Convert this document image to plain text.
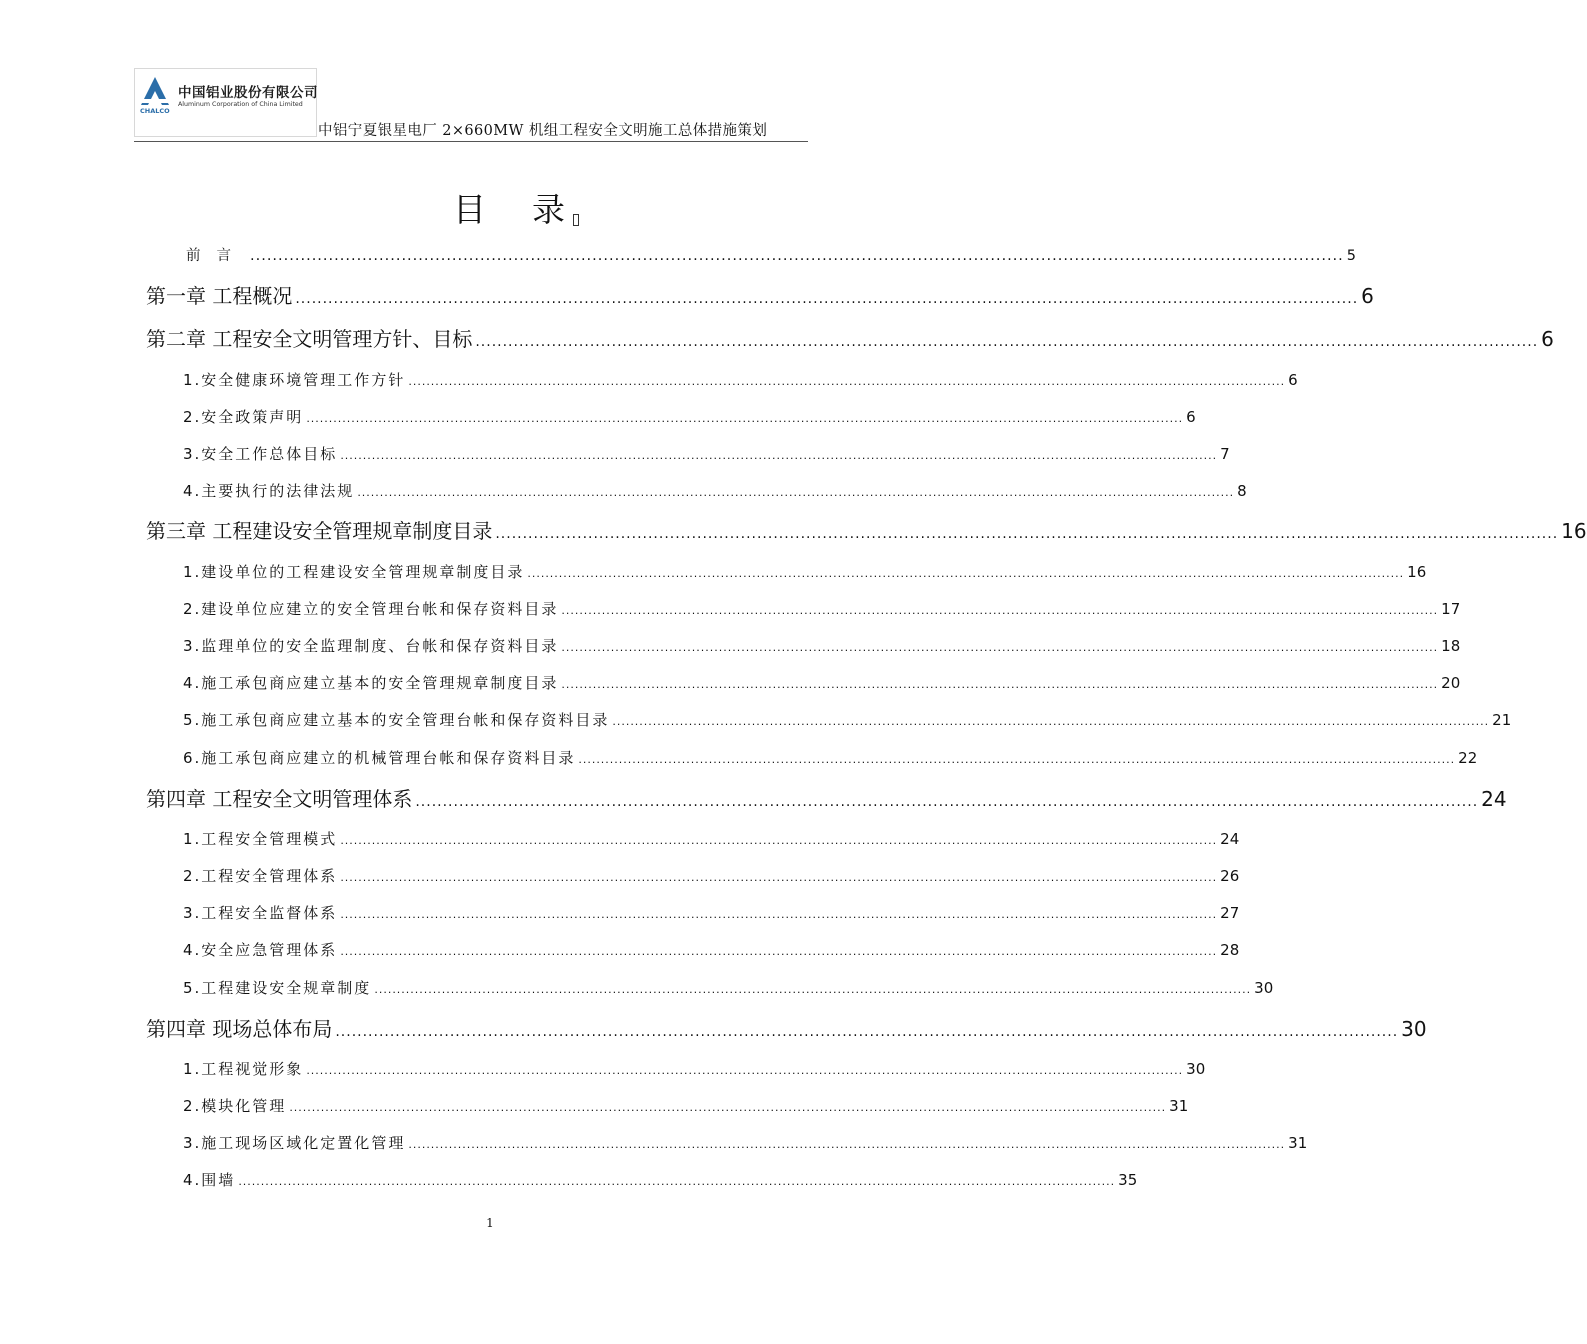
中国铝业股份有限公司
Aluminum Corporation of China Limited
CHALCO
中铝宁夏银星电厂 2×660MW 机组工程安全文明施工总体措施策划
目 录
前言 ................................................................................................................................................................................................... 5
第一章 工程概况 ................................................................................................................................................................................................... 6
第二章 工程安全文明管理方针、目标 ................................................................................................................................................................................................... 6
1.安全健康环境管理工作方针 ................................................................................................................................................................................................... 6
2.安全政策声明 ................................................................................................................................................................................................... 6
3.安全工作总体目标 ................................................................................................................................................................................................... 7
4.主要执行的法律法规 ................................................................................................................................................................................................... 8
第三章 工程建设安全管理规章制度目录 ................................................................................................................................................................................................... 16
1.建设单位的工程建设安全管理规章制度目录 ................................................................................................................................................................................................... 16
2.建设单位应建立的安全管理台帐和保存资料目录 ................................................................................................................................................................................................... 17
3.监理单位的安全监理制度、台帐和保存资料目录 ................................................................................................................................................................................................... 18
4.施工承包商应建立基本的安全管理规章制度目录 ................................................................................................................................................................................................... 20
5.施工承包商应建立基本的安全管理台帐和保存资料目录 ................................................................................................................................................................................................... 21
6.施工承包商应建立的机械管理台帐和保存资料目录 ................................................................................................................................................................................................... 22
第四章 工程安全文明管理体系 ................................................................................................................................................................................................... 24
1.工程安全管理模式 ................................................................................................................................................................................................... 24
2.工程安全管理体系 ................................................................................................................................................................................................... 26
3.工程安全监督体系 ................................................................................................................................................................................................... 27
4.安全应急管理体系 ................................................................................................................................................................................................... 28
5.工程建设安全规章制度 ................................................................................................................................................................................................... 30
第四章 现场总体布局 ................................................................................................................................................................................................... 30
1.工程视觉形象 ................................................................................................................................................................................................... 30
2.模块化管理 ................................................................................................................................................................................................... 31
3.施工现场区域化定置化管理 ................................................................................................................................................................................................... 31
4.围墙 ................................................................................................................................................................................................... 35
1
